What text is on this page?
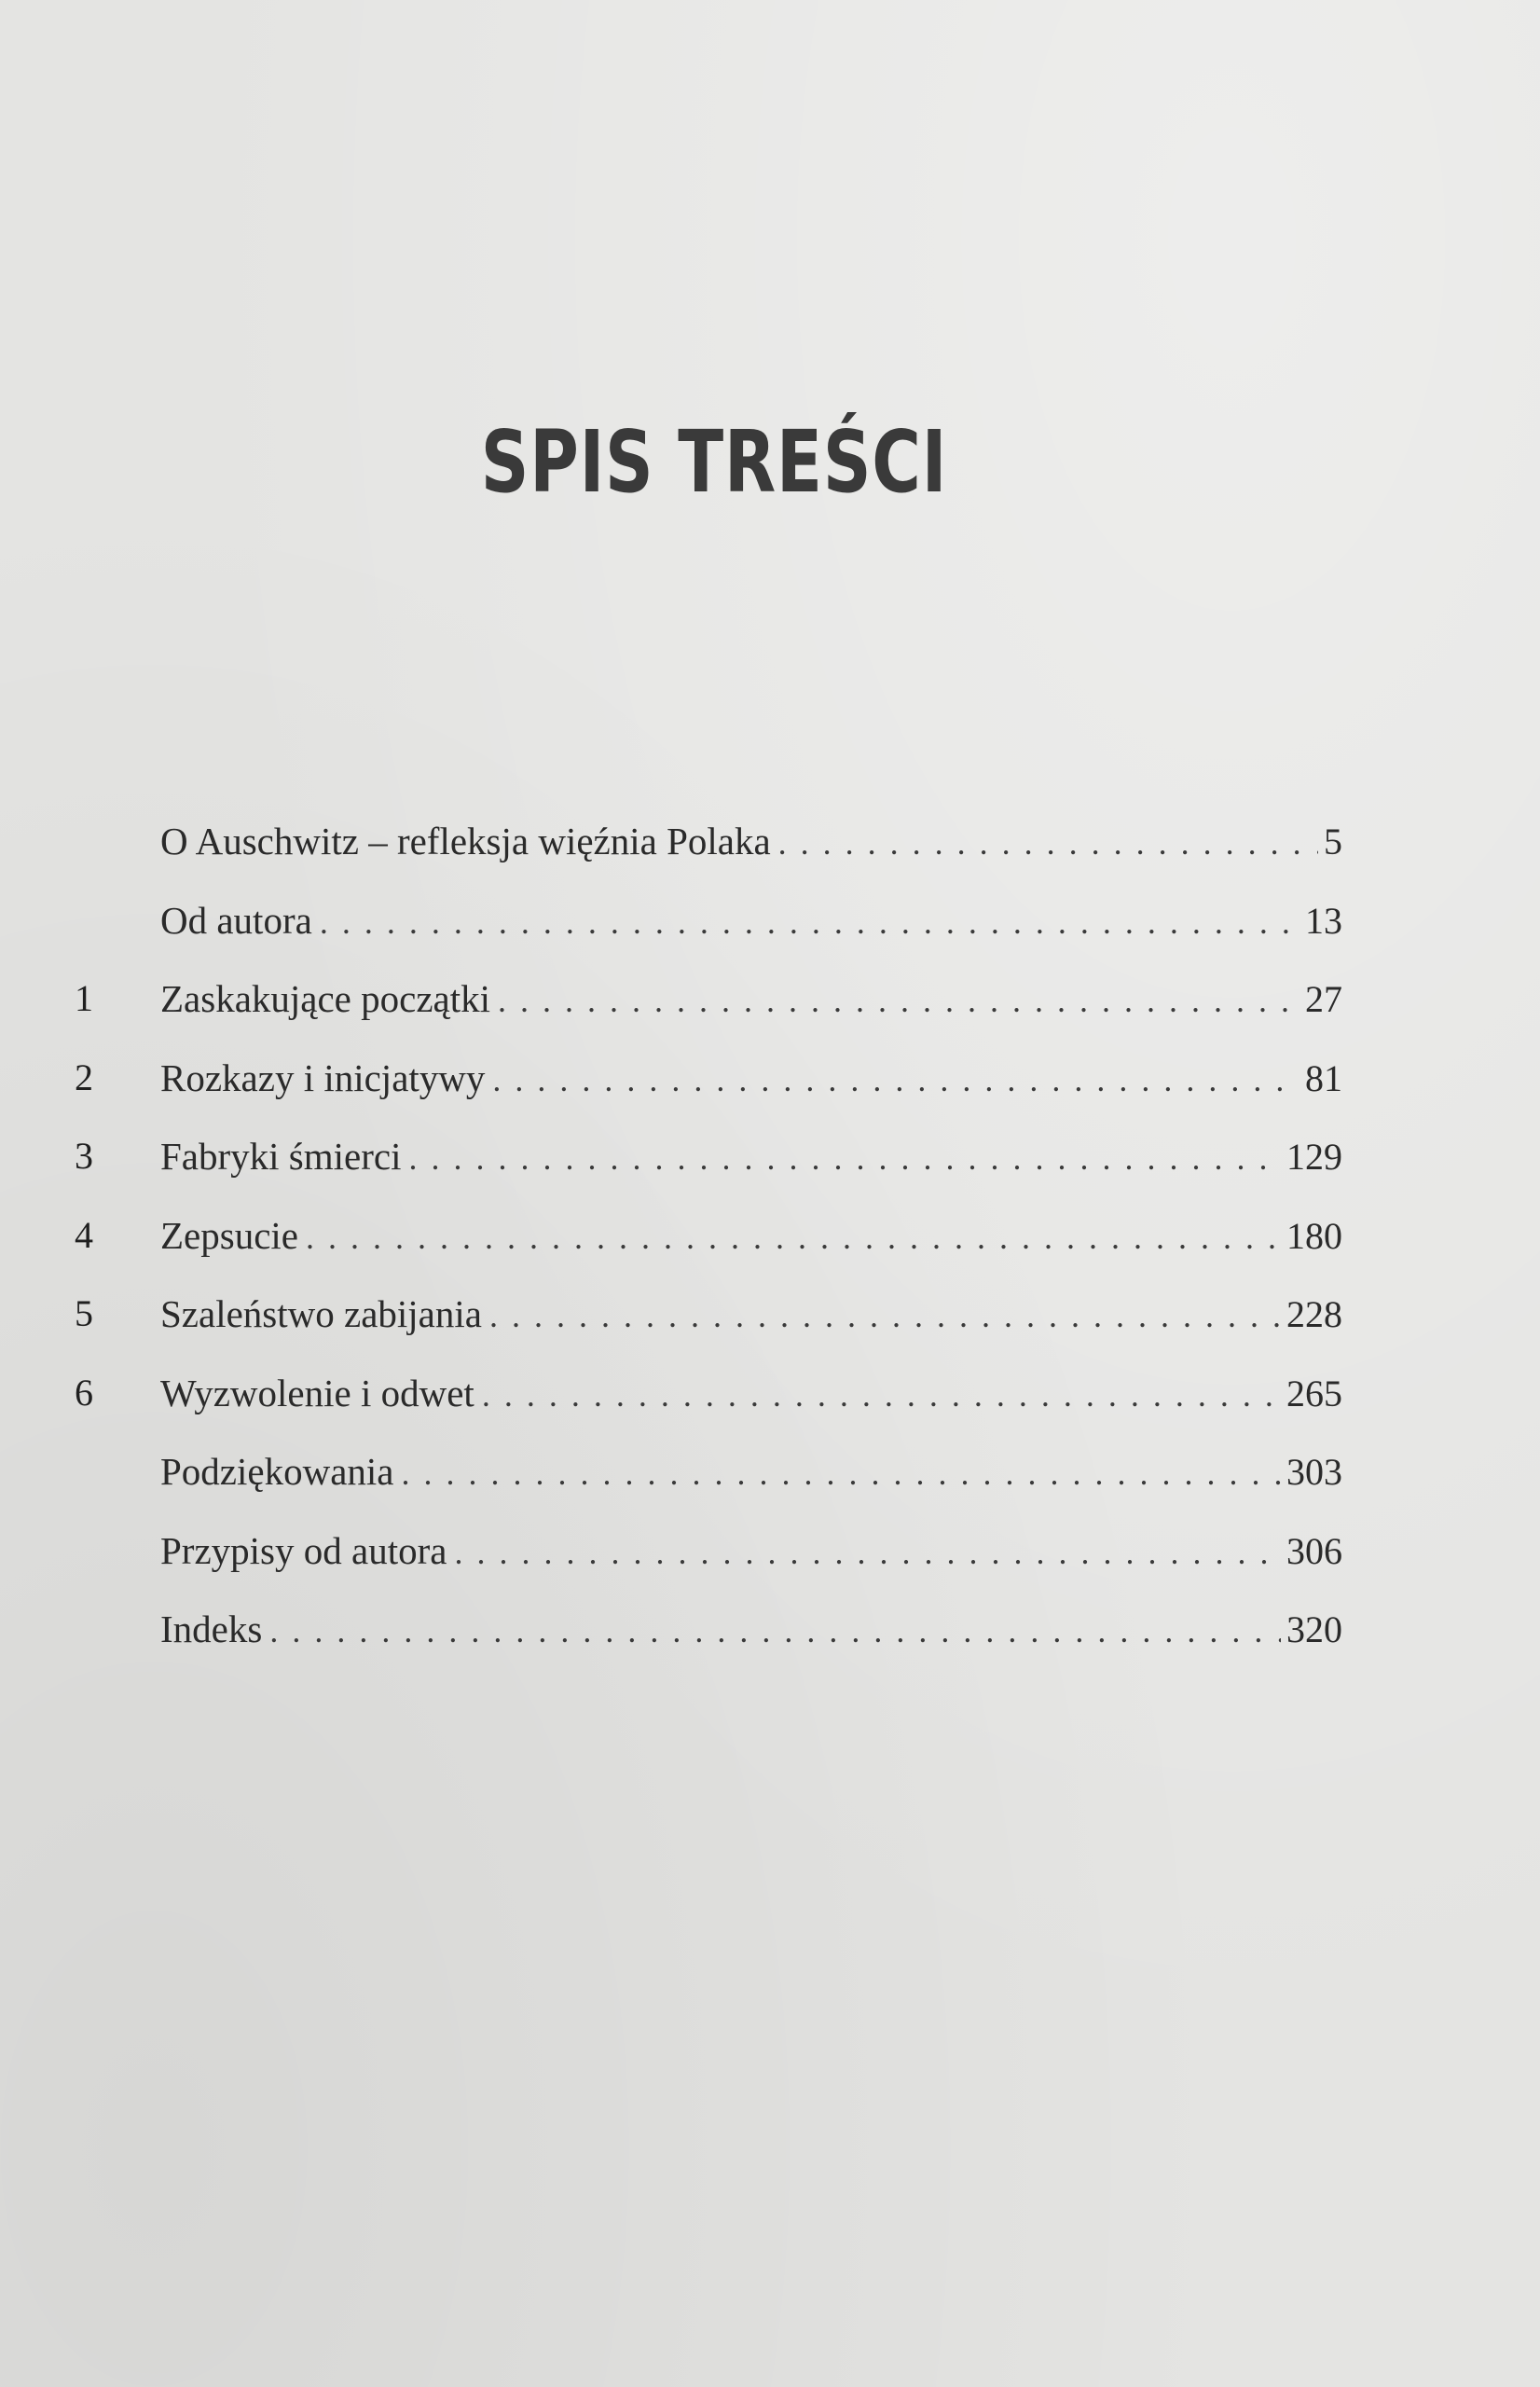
SPIS TREŚCI
O Auschwitz – refleksja więźnia Polaka . . .	5
Od autora . . .	13
1	Zaskakujące początki . . .	27
2	Rozkazy i inicjatywy . . .	81
3	Fabryki śmierci . . .	129
4	Zepsucie . . .	180
5	Szaleństwo zabijania . . .	228
6	Wyzwolenie i odwet . . .	265
Podziękowania . . .	303
Przypisy od autora . . .	306
Indeks . . .	320
